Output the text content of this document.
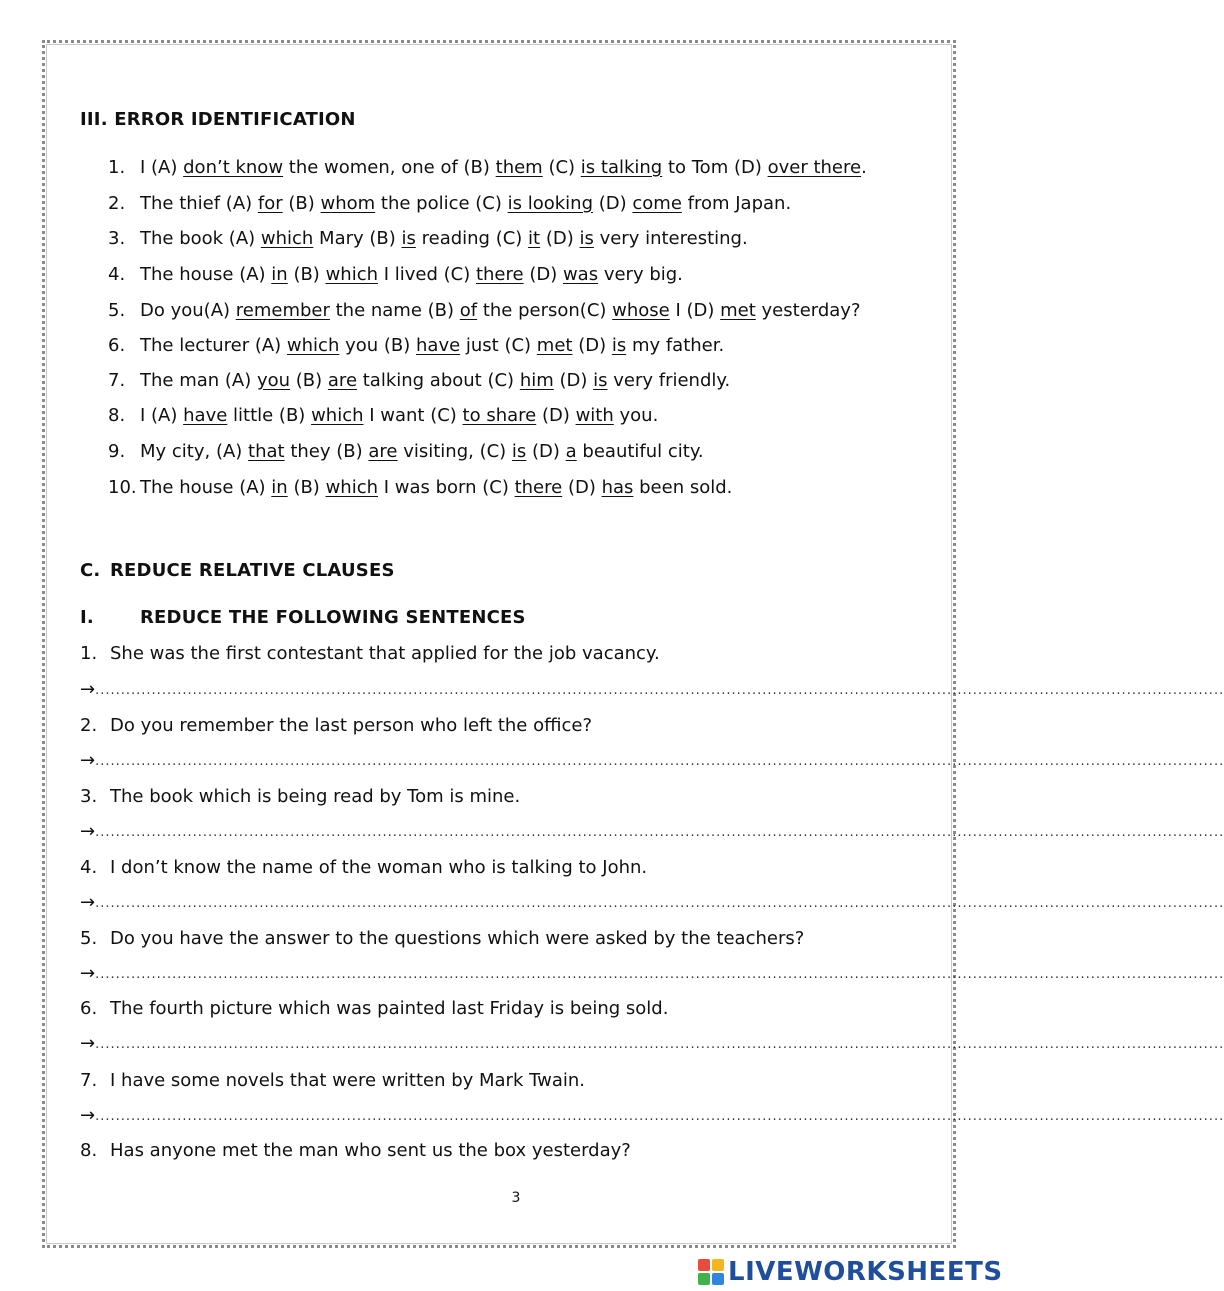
III. ERROR IDENTIFICATION
1. I (A) don’t know the women, one of (B) them (C) is talking to Tom (D) over there.
2. The thief (A) for (B) whom the police (C) is looking (D) come from Japan.
3. The book (A) which Mary (B) is reading (C) it (D) is very interesting.
4. The house (A) in (B) which I lived (C) there (D) was very big.
5. Do you(A) remember the name (B) of the person(C) whose I (D) met yesterday?
6. The lecturer (A) which you (B) have just (C) met (D) is my father.
7. The man (A) you (B) are talking about (C) him (D) is very friendly.
8. I (A) have little (B) which I want (C) to share (D) with you.
9. My city, (A) that they (B) are visiting, (C) is (D) a beautiful city.
10. The house (A) in (B) which I was born (C) there (D) has been sold.
C. REDUCE RELATIVE CLAUSES
I.	REDUCE THE FOLLOWING SENTENCES
1. She was the first contestant that applied for the job vacancy.
→............................................................................................................................................................................................................................
2. Do you remember the last person who left the office?
→............................................................................................................................................................................................................................
3. The book which is being read by Tom is mine.
→............................................................................................................................................................................................................................
4. I don’t know the name of the woman who is talking to John.
→............................................................................................................................................................................................................................
5. Do you have the answer to the questions which were asked by the teachers?
→............................................................................................................................................................................................................................
6. The fourth picture which was painted last Friday is being sold.
→............................................................................................................................................................................................................................
7. I have some novels that were written by Mark Twain.
→............................................................................................................................................................................................................................
8. Has anyone met the man who sent us the box yesterday?
3
LIVEWORKSHEETS
